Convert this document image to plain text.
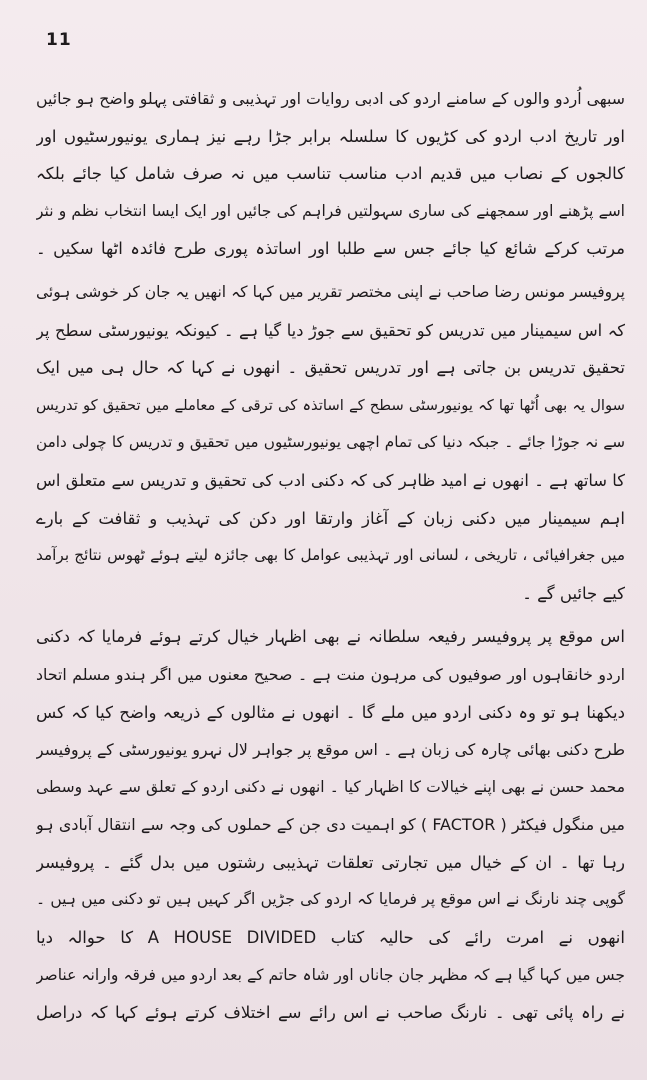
11
سبھی اُردو والوں کے سامنے اردو کی ادبی روایات اور تہذیبی و ثقافتی پہلو واضح ہو جائیں
اور تاریخ ادب اردو کی کڑیوں کا سلسلہ برابر جڑا رہے نیز ہماری یونیورسٹیوں اور
کالجوں کے نصاب میں قدیم ادب مناسب تناسب میں نہ صرف شامل کیا جائے بلکہ
اسے پڑھنے اور سمجھنے کی ساری سہولتیں فراہم کی جائیں اور ایک ایسا انتخاب نظم و نثر
مرتب کرکے شائع کیا جائے جس سے طلبا اور اساتذہ پوری طرح فائدہ اٹھا سکیں ۔
پروفیسر مونس رضا صاحب نے اپنی مختصر تقریر میں کہا کہ انھیں یہ جان کر خوشی ہوئی
کہ اس سیمینار میں تدریس کو تحقیق سے جوڑ دیا گیا ہے ۔ کیونکہ یونیورسٹی سطح پر
تحقیق تدریس بن جاتی ہے اور تدریس تحقیق ۔ انھوں نے کہا کہ حال ہی میں ایک
سوال یہ بھی اُٹھا تھا کہ یونیورسٹی سطح کے اساتذہ کی ترقی کے معاملے میں تحقیق کو تدریس
سے نہ جوڑا جائے ۔ جبکہ دنیا کی تمام اچھی یونیورسٹیوں میں تحقیق و تدریس کا چولی دامن
کا ساتھ ہے ۔ انھوں نے امید ظاہر کی کہ دکنی ادب کی تحقیق و تدریس سے متعلق اس
اہم سیمینار میں دکنی زبان کے آغاز وارتقا اور دکن کی تہذیب و ثقافت کے بارے
میں جغرافیائی ، تاریخی ، لسانی اور تہذیبی عوامل کا بھی جائزہ لیتے ہوئے ٹھوس نتائج برآمد
کیے جائیں گے ۔
اس موقع پر پروفیسر رفیعہ سلطانہ نے بھی اظہار خیال کرتے ہوئے فرمایا کہ دکنی
اردو خانقاہوں اور صوفیوں کی مرہون منت ہے ۔ صحیح معنوں میں اگر ہندو مسلم اتحاد
دیکھنا ہو تو وہ دکنی اردو میں ملے گا ۔ انھوں نے مثالوں کے ذریعہ واضح کیا کہ کس
طرح دکنی بھائی چارہ کی زبان ہے ۔ اس موقع پر جواہر لال نہرو یونیورسٹی کے پروفیسر
محمد حسن نے بھی اپنے خیالات کا اظہار کیا ۔ انھوں نے دکنی اردو کے تعلق سے عہد وسطی
میں منگول فیکٹر ( FACTOR ) کو اہمیت دی جن کے حملوں کی وجہ سے انتقال آبادی ہو
رہا تھا ۔ ان کے خیال میں تجارتی تعلقات تہذیبی رشتوں میں بدل گئے ۔ پروفیسر
گوپی چند نارنگ نے اس موقع پر فرمایا کہ اردو کی جڑیں اگر کہیں ہیں تو دکنی میں ہیں ۔
انھوں نے امرت رائے کی حالیہ کتاب A HOUSE DIVIDED کا حوالہ دیا
جس میں کہا گیا ہے کہ مظہر جان جاناں اور شاہ حاتم کے بعد اردو میں فرقہ وارانہ عناصر
نے راہ پائی تھی ۔ نارنگ صاحب نے اس رائے سے اختلاف کرتے ہوئے کہا کہ دراصل
